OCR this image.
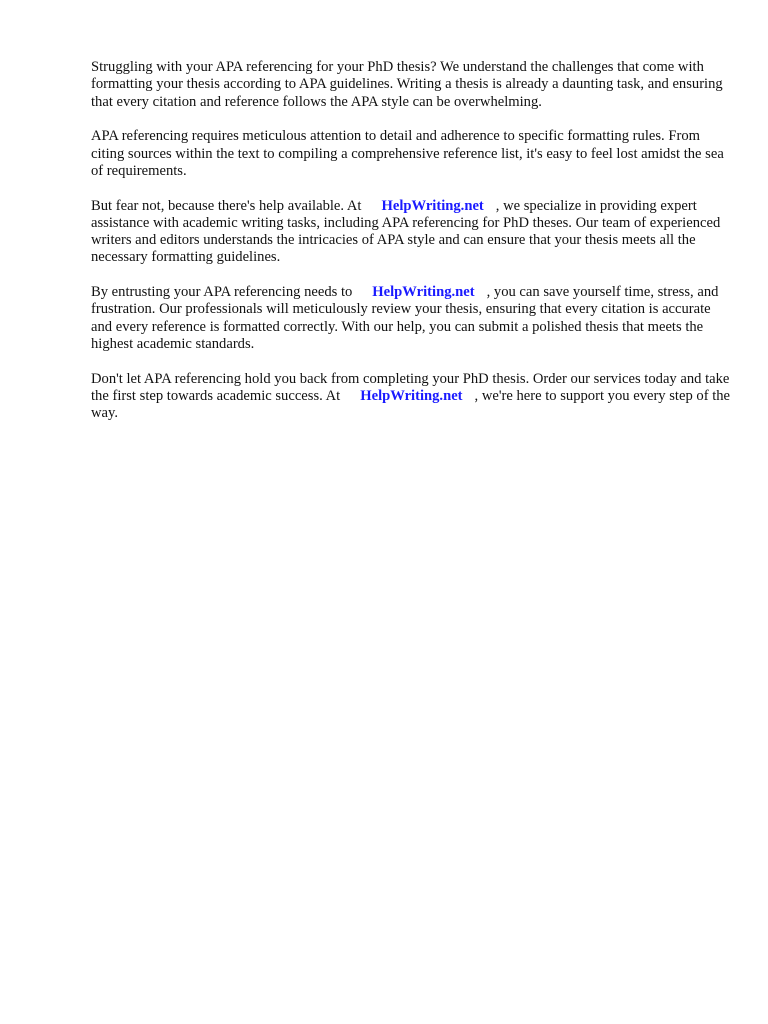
Struggling with your APA referencing for your PhD thesis? We understand the challenges that come with formatting your thesis according to APA guidelines. Writing a thesis is already a daunting task, and ensuring that every citation and reference follows the APA style can be overwhelming.

APA referencing requires meticulous attention to detail and adherence to specific formatting rules. From citing sources within the text to compiling a comprehensive reference list, it's easy to feel lost amidst the sea of requirements.

But fear not, because there's help available. At HelpWriting.net , we specialize in providing expert assistance with academic writing tasks, including APA referencing for PhD theses. Our team of experienced writers and editors understands the intricacies of APA style and can ensure that your thesis meets all the necessary formatting guidelines.

By entrusting your APA referencing needs to HelpWriting.net , you can save yourself time, stress, and frustration. Our professionals will meticulously review your thesis, ensuring that every citation is accurate and every reference is formatted correctly. With our help, you can submit a polished thesis that meets the highest academic standards.

Don't let APA referencing hold you back from completing your PhD thesis. Order our services today and take the first step towards academic success. At HelpWriting.net , we're here to support you every step of the way.
